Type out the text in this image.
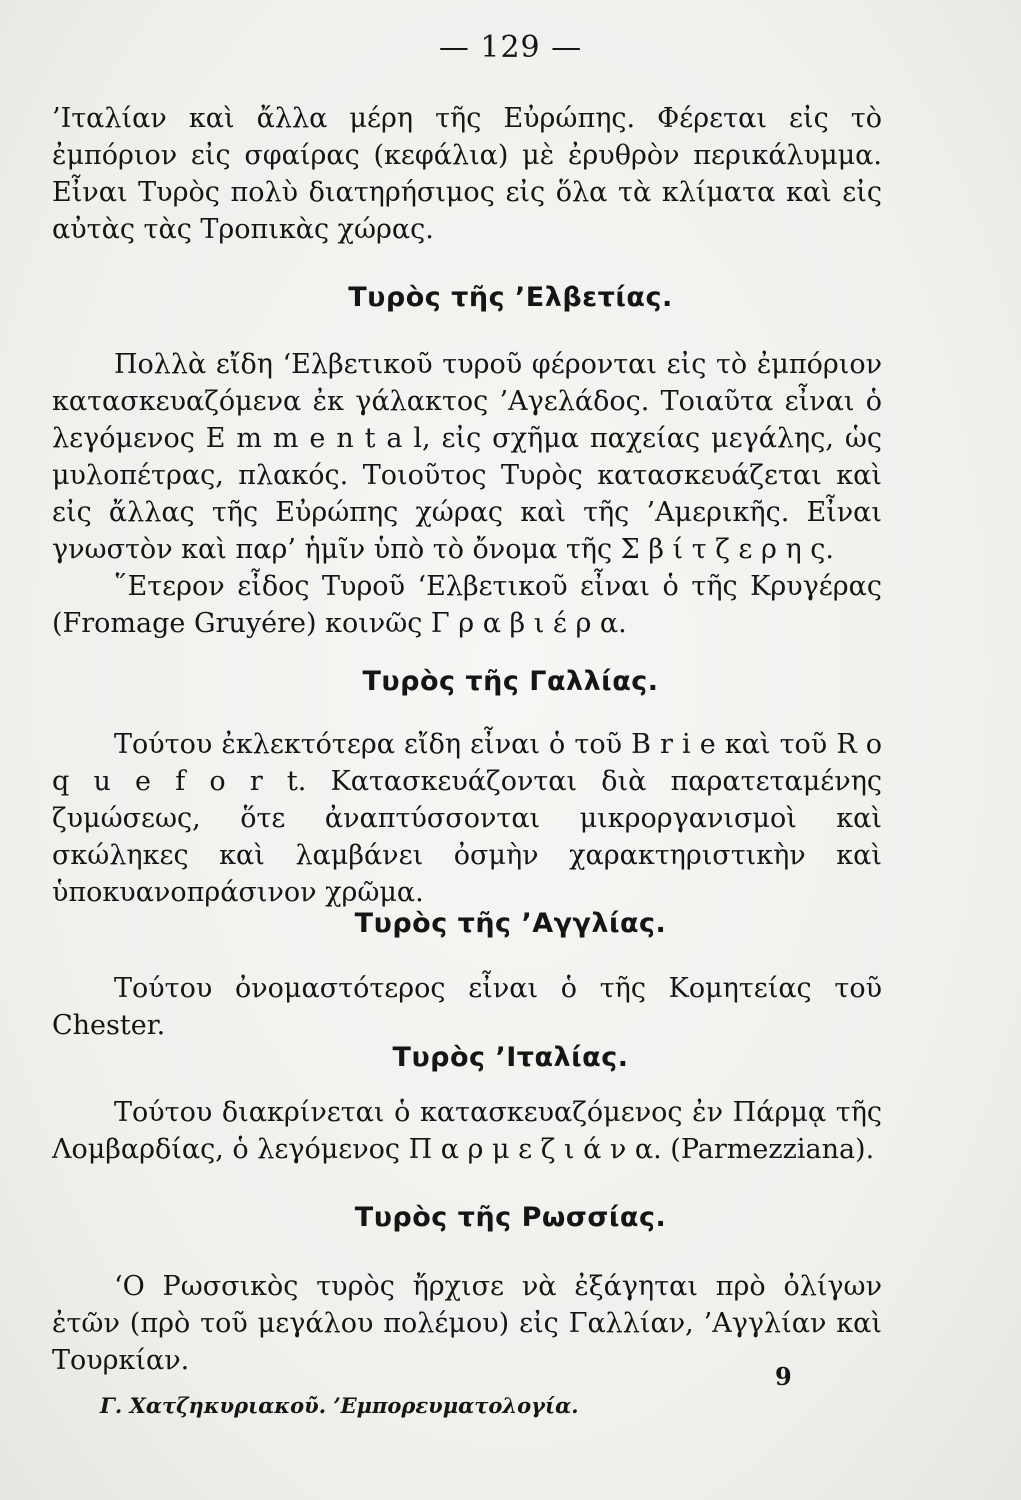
— 129 —

’Ιταλίαν καὶ ἄλλα μέρη τῆς Εὐρώπης. Φέρεται εἰς τὸ ἐμπόριον εἰς σφαίρας (κεφάλια) μὲ ἐρυθρὸν περικάλυμμα. Εἶναι Τυρὸς πολὺ διατηρήσιμος εἰς ὅλα τὰ κλίματα καὶ εἰς αὐτὰς τὰς Τροπικὰς χώρας.

Τυρὸς τῆς ’Ελβετίας.

Πολλὰ εἴδη ‘Ελβετικοῦ τυροῦ φέρονται εἰς τὸ ἐμπόριον κατασκευαζόμενα ἐκ γάλακτος ’Αγελάδος. Τοιαῦτα εἶναι ὁ λεγόμενος E m m e n t a l, εἰς σχῆμα παχείας μεγάλης, ὡς μυλοπέτρας, πλακός. Τοιοῦτος Τυρὸς κατασκευάζεται καὶ εἰς ἄλλας τῆς Εὐρώπης χώρας καὶ τῆς ’Αμερικῆς. Εἶναι γνωστὸν καὶ παρ’ ἡμῖν ὑπὸ τὸ ὄνομα τῆς Σ β ί τ ζ ε ρ η ς.

῞Ετερον εἶδος Τυροῦ ‘Ελβετικοῦ εἶναι ὁ τῆς Κρυγέρας (Fromage Gruyére) κοινῶς Γ ρ α β ι έ ρ α.

Τυρὸς τῆς Γαλλίας.

Τούτου ἐκλεκτότερα εἴδη εἶναι ὁ τοῦ B r i e καὶ τοῦ R o q u e f o r t. Κατασκευάζονται διὰ παρατεταμένης ζυμώσεως, ὅτε ἀναπτύσσονται μικροργανισμοὶ καὶ σκώληκες καὶ λαμβάνει ὀσμὴν χαρακτηριστικὴν καὶ ὑποκυανοπράσινον χρῶμα.

Τυρὸς τῆς ’Αγγλίας.

Τούτου ὀνομαστότερος εἶναι ὁ τῆς Κομητείας τοῦ Chester.

Τυρὸς ’Ιταλίας.

Τούτου διακρίνεται ὁ κατασκευαζόμενος ἐν Πάρμᾳ τῆς Λομβαρδίας, ὁ λεγόμενος Π α ρ μ ε ζ ι ά ν α. (Parmezziana).

Τυρὸς τῆς Ρωσσίας.

‘Ο Ρωσσικὸς τυρὸς ἤρχισε νὰ ἐξάγηται πρὸ ὀλίγων ἐτῶν (πρὸ τοῦ μεγάλου πολέμου) εἰς Γαλλίαν, ’Αγγλίαν καὶ Τουρκίαν.

9
Γ. Χατζηκυριακοῦ. ’Εμπορευματολογία.
